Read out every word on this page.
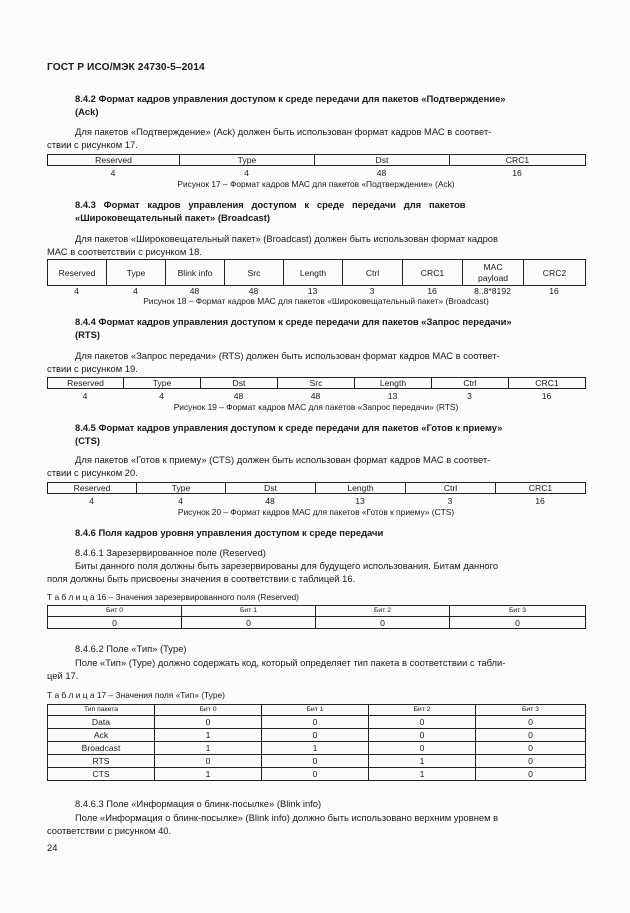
ГОСТ Р ИСО/МЭК 24730-5–2014
8.4.2 Формат кадров управления доступом к среде передачи для пакетов «Подтверждение»
(Ack)
Для пакетов «Подтверждение» (Ack) должен быть использован формат кадров МАС в соответ-
ствии с рисунком 17.
Reserved	Type	Dst	CRC1
4	4	48	16
Рисунок 17 – Формат кадров МАС для пакетов «Подтверждение» (Ack)
8.4.3   Формат   кадров   управления   доступом   к   среде   передачи   для   пакетов
«Широковещательный пакет» (Broadcast)
Для пакетов «Широковещательный пакет» (Broadcast) должен быть использован формат кадров
МАС в соответствии с рисунком 18.
Reserved	Type	Blink info	Src	Length	Ctrl	CRC1	MAC payload	CRC2
4	4	48	48	13	3	16	8..8*8192	16
Рисунок 18 – Формат кадров МАС для пакетов «Широковещательный пакет» (Broadcast)
8.4.4 Формат кадров управления доступом к среде передачи для пакетов «Запрос передачи»
(RTS)
Для пакетов «Запрос передачи» (RTS) должен быть использован формат кадров МАС в соответ-
ствии с рисунком 19.
Reserved	Type	Dst	Src	Length	Ctrl	CRC1
4	4	48	48	13	3	16
Рисунок 19 – Формат кадров МАС для пакетов «Запрос передачи» (RTS)
8.4.5 Формат кадров управления доступом к среде передачи для пакетов «Готов к приему»
(CTS)
Для пакетов «Готов к приему» (CTS) должен быть использован формат кадров МАС в соответ-
ствии с рисунком 20.
Reserved	Type	Dst	Length	Ctrl	CRC1
4	4	48	13	3	16
Рисунок 20 – Формат кадров МАС для пакетов «Готов к приему» (CTS)
8.4.6 Поля кадров уровня управления доступом к среде передачи
8.4.6.1 Зарезервированное поле (Reserved)
Биты данного поля должны быть зарезервированы для будущего использования. Битам данного
поля должны быть присвоены значения в соответствии с таблицей 16.
Т а б л и ц а 16 – Значения зарезервированного поля (Reserved)
Бит 0	Бит 1	Бит 2	Бит 3
0	0	0	0
8.4.6.2 Поле «Тип» (Type)
Поле «Тип» (Type) должно содержать код, который определяет тип пакета в соответствии с табли-
цей 17.
Т а б л и ц а 17 – Значения поля «Тип» (Type)
Тип пакета	Бит 0	Бит 1	Бит 2	Бит 3
Data	0	0	0	0
Ack	1	0	0	0
Broadcast	1	1	0	0
RTS	0	0	1	0
CTS	1	0	1	0
8.4.6.3 Поле «Информация о блинк-посылке» (Blink info)
Поле «Информация о блинк-посылке» (Blink info) должно быть использовано верхним уровнем в
соответствии с рисунком 40.
24
